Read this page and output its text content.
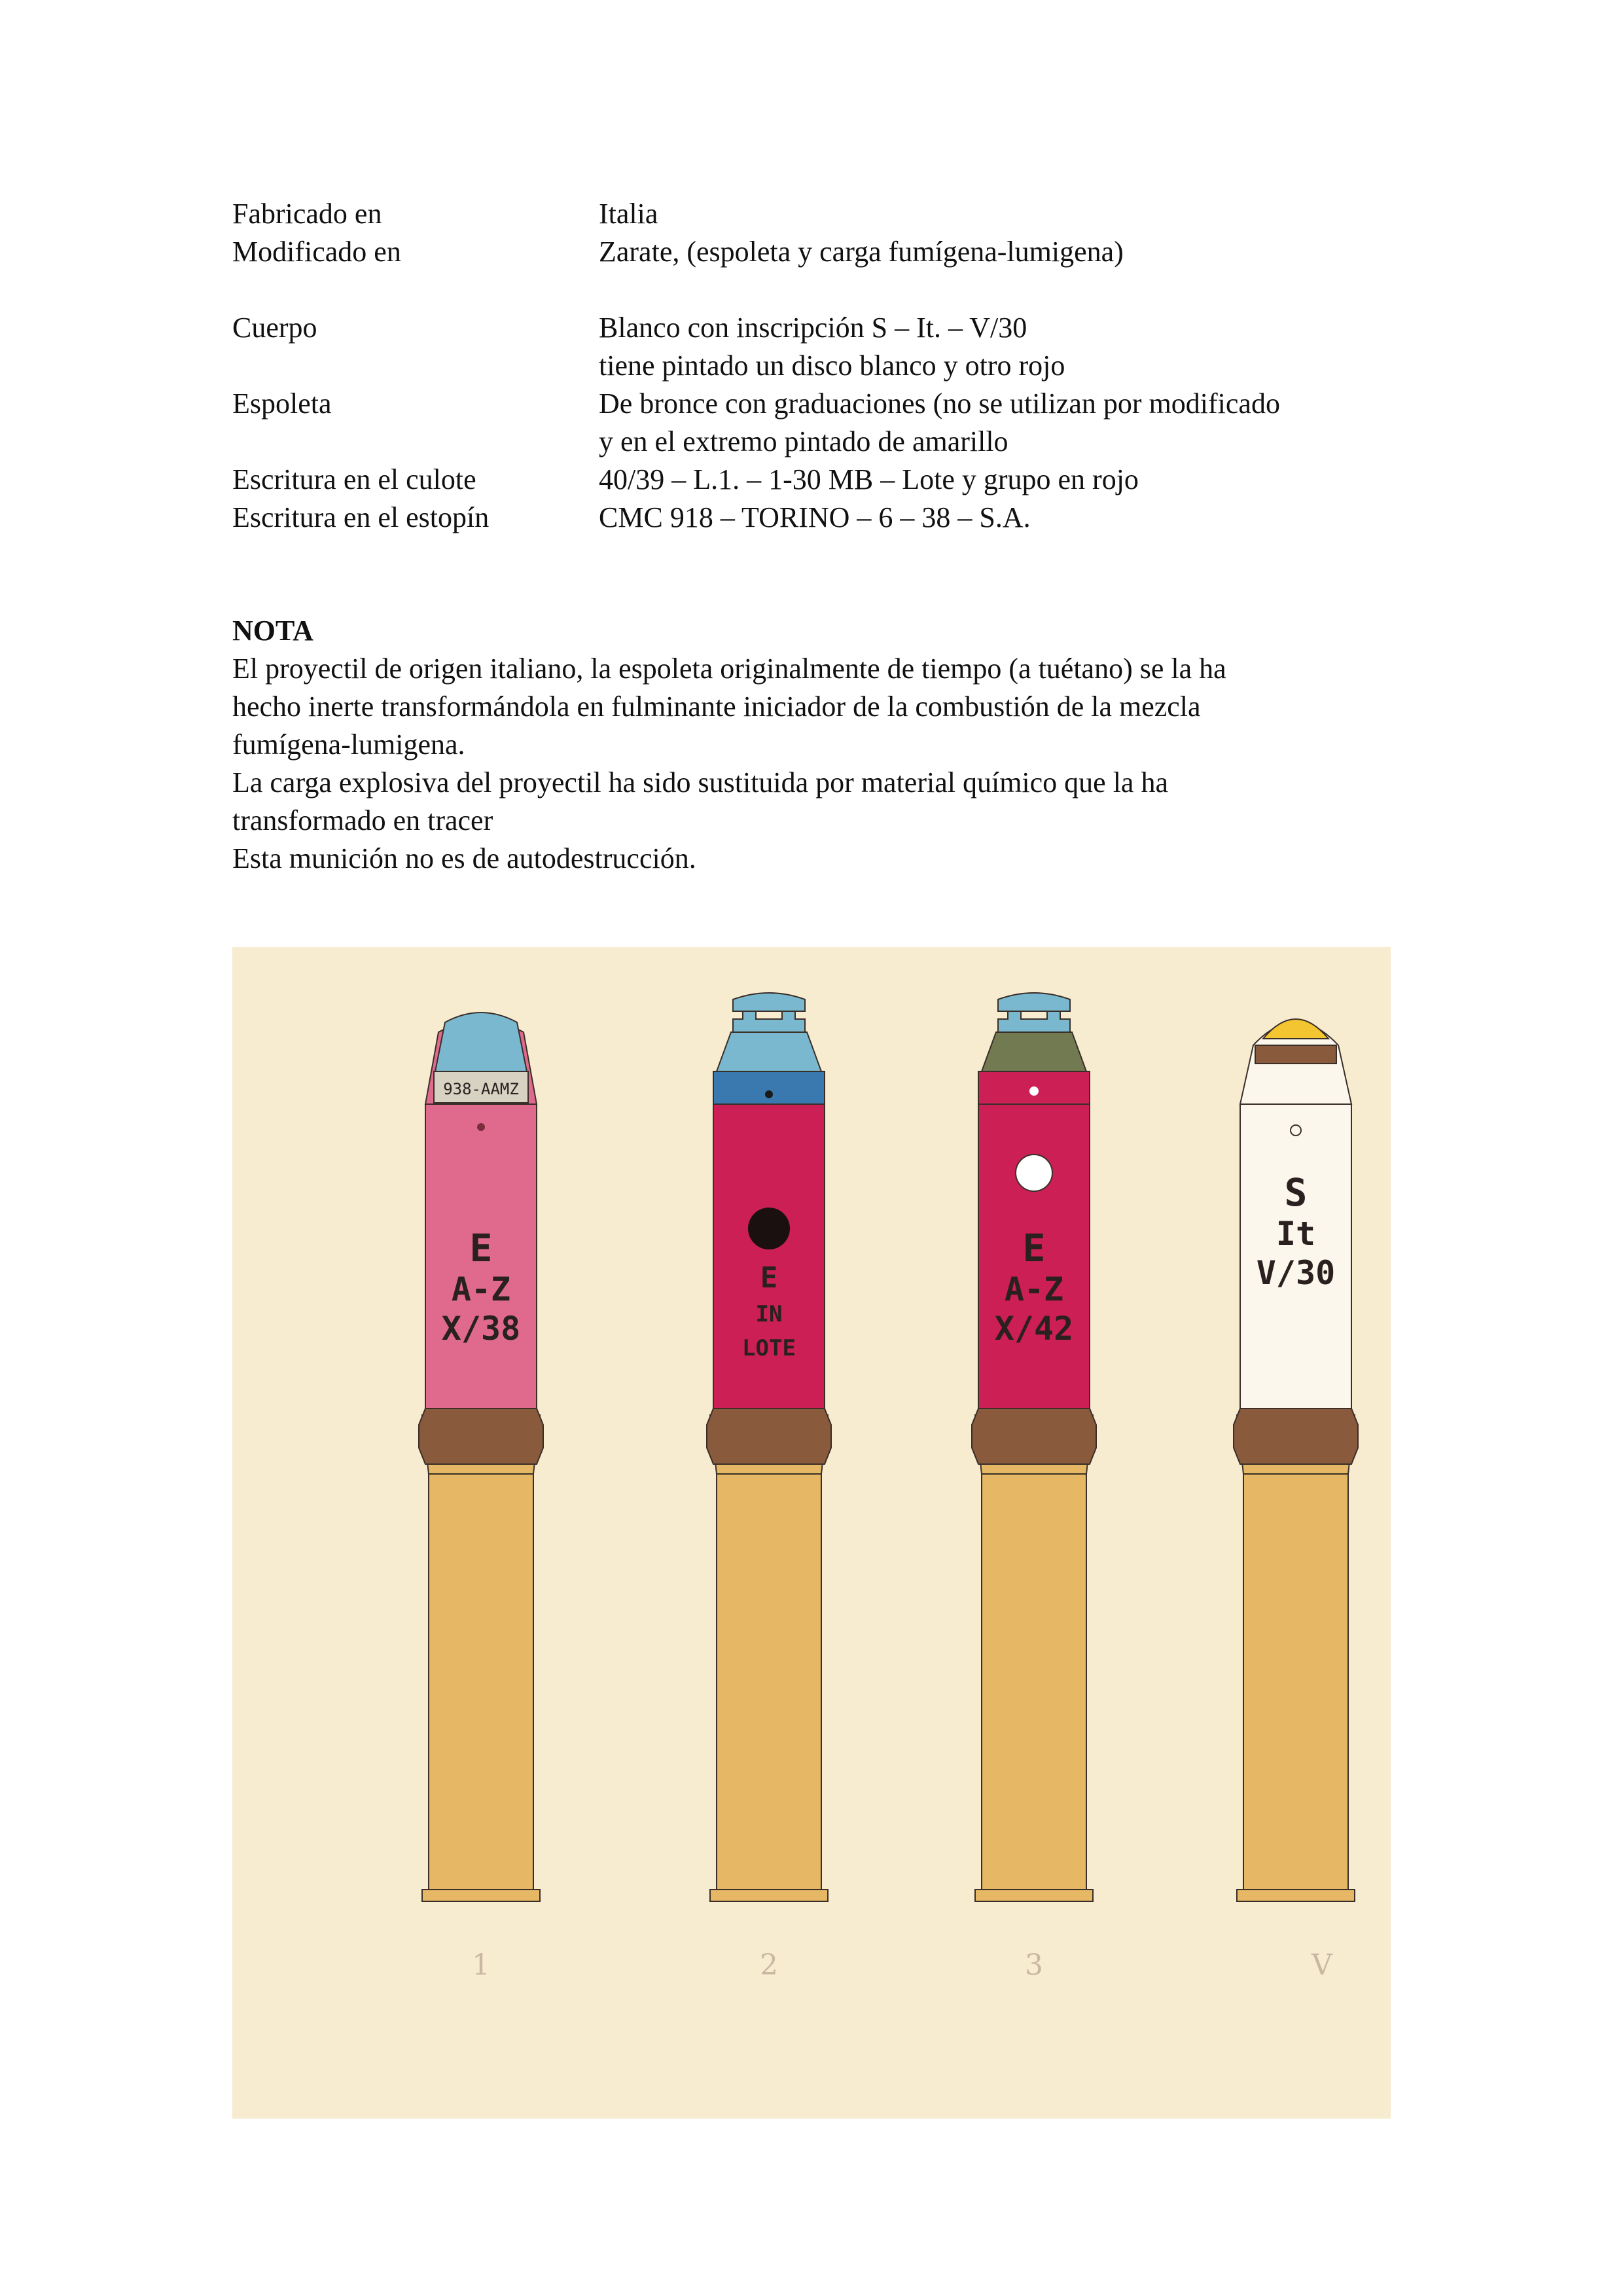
Fabricado en	Italia
Modificado en	Zarate, (espoleta y carga fumígena-lumigena)
Cuerpo	Blanco con inscripción S – It. – V/30
tiene pintado un disco blanco y otro rojo
Espoleta	De bronce con graduaciones (no se utilizan por modificado
y en el extremo pintado de amarillo
Escritura en el culote	40/39 – L.1. – 1-30 MB – Lote y grupo en rojo
Escritura en el estopín	CMC 918 – TORINO – 6 – 38 – S.A.
NOTA

El proyectil de origen italiano, la espoleta originalmente de tiempo (a tuétano) se la ha

hecho inerte transformándola en fulminante iniciador de la combustión de la mezcla

fumígena-lumigena.

La carga explosiva del proyectil ha sido sustituida por material químico que la ha

transformado en tracer

Esta munición no es de autodestrucción.

938-AAMZ
E
A-Z
X/38
1
E
IN
LOTE
2
E
A-Z
X/42
3
S
It
V/30
V
